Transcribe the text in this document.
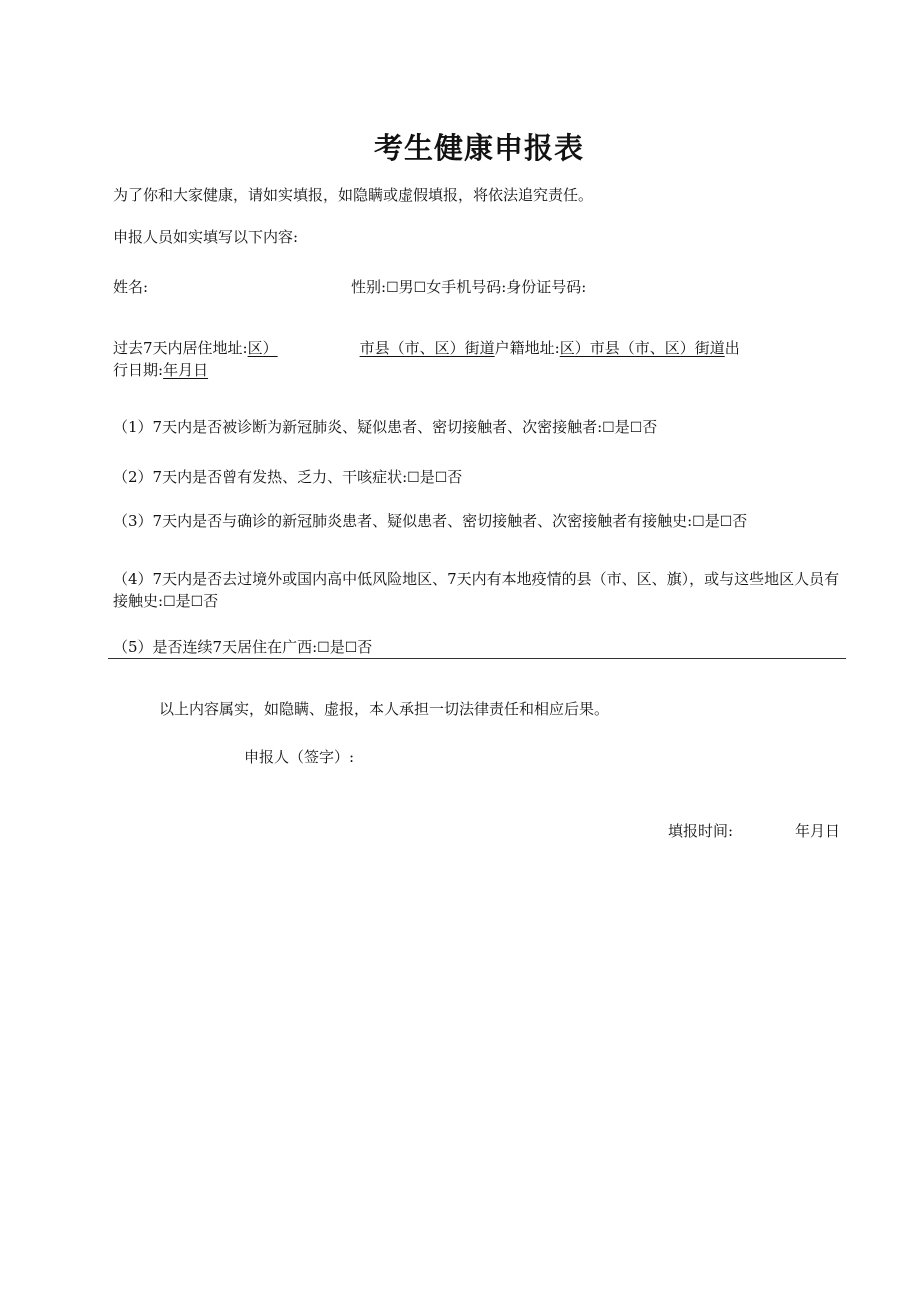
考生健康申报表
为了你和大家健康，请如实填报，如隐瞒或虚假填报，将依法追究责任。
申报人员如实填写以下内容:
姓名:	性别:☐男☐女手机号码:身份证号码:
过去7天内居住地址:区）	市县（市、区）街道户籍地址:区）市县（市、区）街道出
行日期:年月日
（1）7天内是否被诊断为新冠肺炎、疑似患者、密切接触者、次密接触者:☐是☐否
（2）7天内是否曾有发热、乏力、干咳症状:☐是☐否
（3）7天内是否与确诊的新冠肺炎患者、疑似患者、密切接触者、次密接触者有接触史:☐是☐否
（4）7天内是否去过境外或国内高中低风险地区、7天内有本地疫情的县（市、区、旗），或与这些地区人员有接触史:☐是☐否
（5）是否连续7天居住在广西:☐是☐否
以上内容属实，如隐瞒、虚报，本人承担一切法律责任和相应后果。
申报人（签字）:
填报时间:	年月日
